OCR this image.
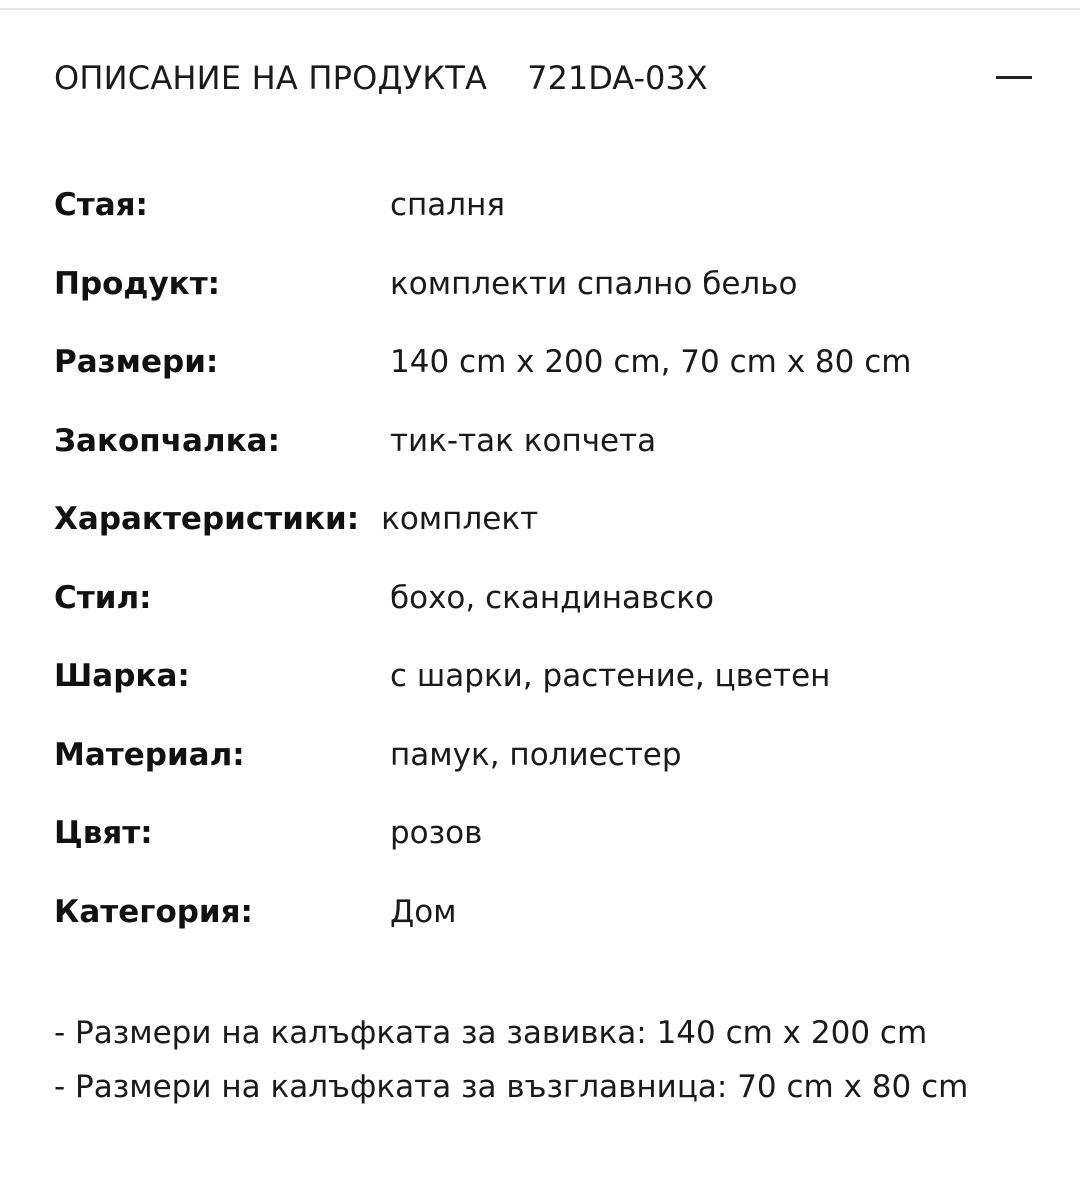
ОПИСАНИЕ НА ПРОДУКТА 721DA-03X
Стая:	спалня
Продукт:	комплекти спално бельо
Размери:	140 cm x 200 cm, 70 cm x 80 cm
Закопчалка:	тик-так копчета
Характеристики: комплект
Стил:	бохо, скандинавско
Шарка:	с шарки, растение, цветен
Материал:	памук, полиестер
Цвят:	розов
Категория:	Дом
- Размери на калъфката за завивка: 140 cm x 200 cm
- Размери на калъфката за възглавница: 70 cm x 80 cm
